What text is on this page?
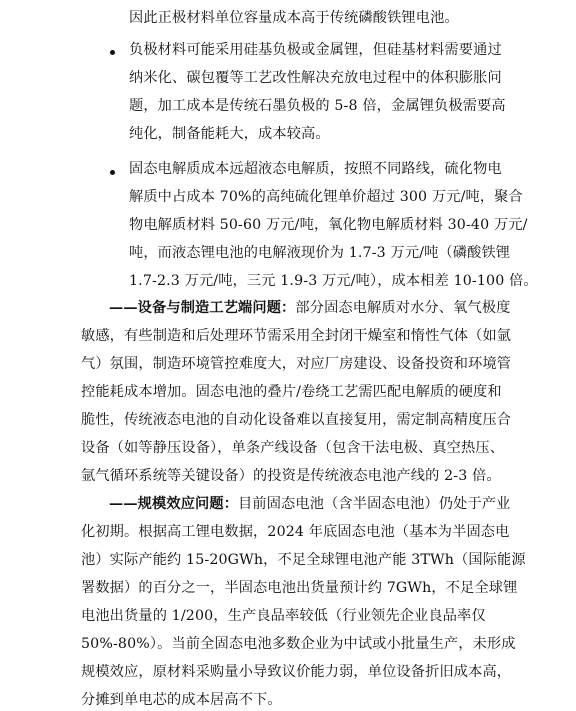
因此正极材料单位容量成本高于传统磷酸铁锂电池。
负极材料可能采用硅基负极或金属锂，但硅基材料需要通过
纳米化、碳包覆等工艺改性解决充放电过程中的体积膨胀问
题，加工成本是传统石墨负极的 5-8 倍，金属锂负极需要高
纯化，制备能耗大，成本较高。
固态电解质成本远超液态电解质，按照不同路线，硫化物电
解质中占成本 70%的高纯硫化锂单价超过 300 万元/吨，聚合
物电解质材料 50-60 万元/吨，氧化物电解质材料 30-40 万元/
吨，而液态锂电池的电解液现价为 1.7-3 万元/吨（磷酸铁锂
1.7-2.3 万元/吨，三元 1.9-3 万元/吨），成本相差 10-100 倍。
——设备与制造工艺端问题：部分固态电解质对水分、氧气极度
敏感，有些制造和后处理环节需采用全封闭干燥室和惰性气体（如氩
气）氛围，制造环境管控难度大，对应厂房建设、设备投资和环境管
控能耗成本增加。固态电池的叠片/卷绕工艺需匹配电解质的硬度和
脆性，传统液态电池的自动化设备难以直接复用，需定制高精度压合
设备（如等静压设备），单条产线设备（包含干法电极、真空热压、
氩气循环系统等关键设备）的投资是传统液态电池产线的 2-3 倍。
——规模效应问题：目前固态电池（含半固态电池）仍处于产业
化初期。根据高工锂电数据，2024 年底固态电池（基本为半固态电
池）实际产能约 15-20GWh，不足全球锂电池产能 3TWh（国际能源
署数据）的百分之一，半固态电池出货量预计约 7GWh，不足全球锂
电池出货量的 1/200，生产良品率较低（行业领先企业良品率仅
50%-80%）。当前全固态电池多数企业为中试或小批量生产，未形成
规模效应，原材料采购量小导致议价能力弱，单位设备折旧成本高，
分摊到单电芯的成本居高不下。
